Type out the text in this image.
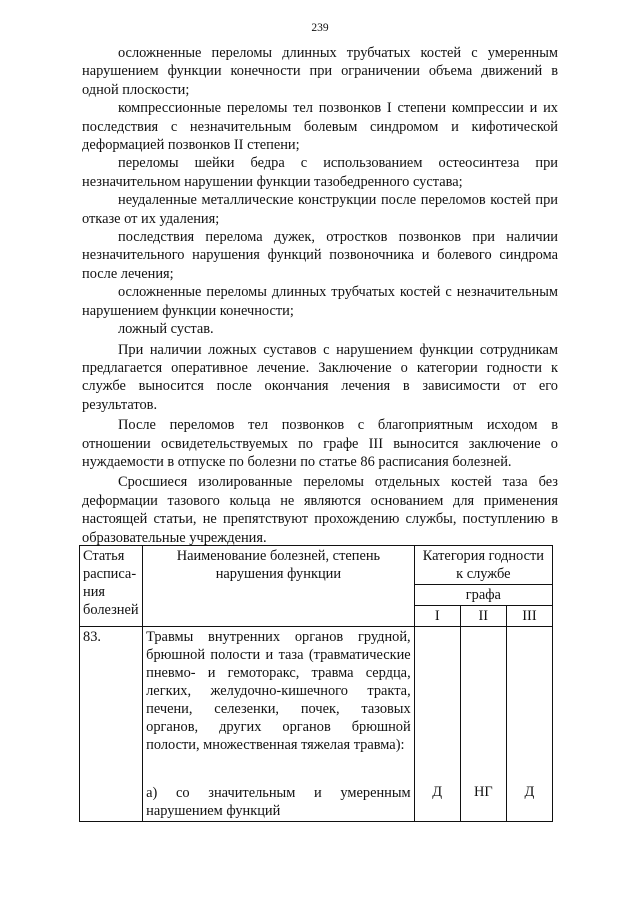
239

осложненные переломы длинных трубчатых костей с умеренным нарушением функции конечности при ограничении объема движений в одной плоскости;

компрессионные переломы тел позвонков I степени компрессии и их последствия с незначительным болевым синдромом и кифотической деформацией позвонков II степени;

переломы шейки бедра с использованием остеосинтеза при незначительном нарушении функции тазобедренного сустава;

неудаленные металлические конструкции после переломов костей при отказе от их удаления;

последствия перелома дужек, отростков позвонков при наличии незначительного нарушения функций позвоночника и болевого синдрома после лечения;

осложненные переломы длинных трубчатых костей с незначительным нарушением функции конечности;

ложный сустав.

При наличии ложных суставов с нарушением функции сотрудникам предлагается оперативное лечение. Заключение о категории годности к службе выносится после окончания лечения в зависимости от его результатов.

После переломов тел позвонков с благоприятным исходом в отношении освидетельствуемых по графе III выносится заключение о нуждаемости в отпуске по болезни по статье 86 расписания болезней.

Сросшиеся изолированные переломы отдельных костей таза без деформации тазового кольца не являются основанием для применения настоящей статьи, не препятствуют прохождению службы, поступлению в образовательные учреждения.

Статья расписа-ния болезней	Наименование болезней, степень нарушения функции	Категория годности к службе		
		графа		
		I	II	III
83.	Травмы внутренних органов грудной, брюшной полости и таза (травматические пневмо- и гемоторакс, травма сердца, легких, желудочно-кишечного тракта, печени, селезенки, почек, тазовых органов, других органов брюшной полости, множественная тяжелая травма):
а) со значительным и умеренным нарушением функций	Д	НГ	Д
